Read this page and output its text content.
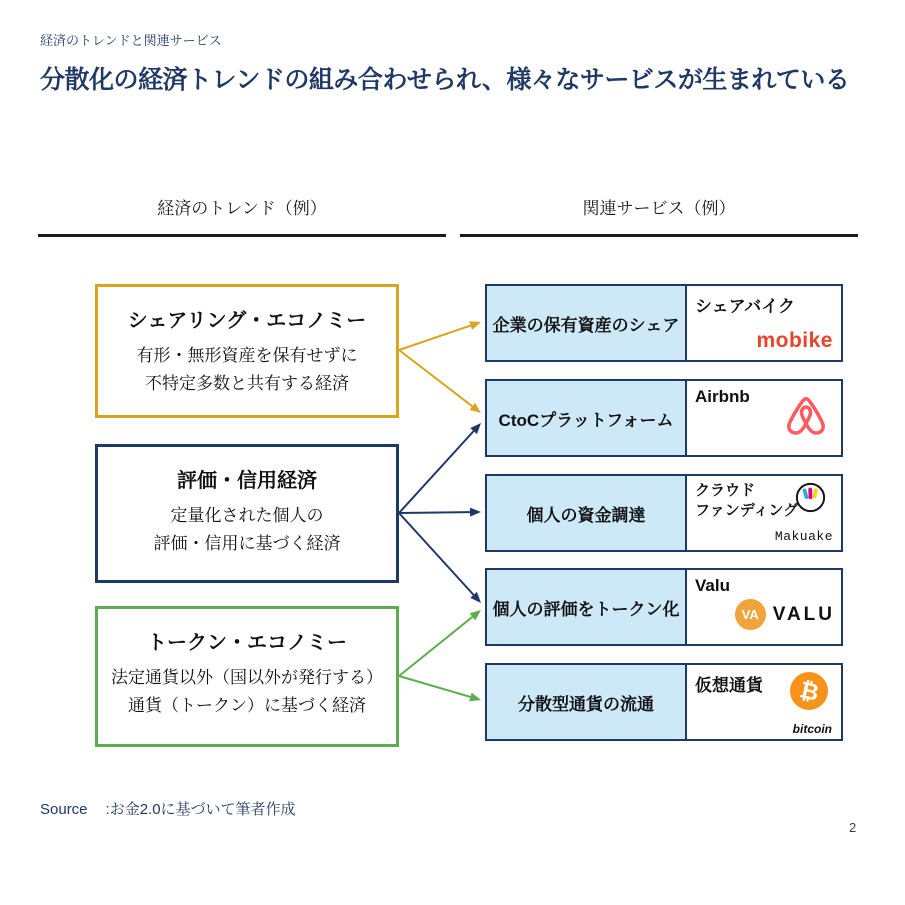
経済のトレンドと関連サービス
分散化の経済トレンドの組み合わせられ、様々なサービスが生まれている
経済のトレンド（例）	関連サービス（例）
シェアリング・エコノミー
有形・無形資産を保有せずに
不特定多数と共有する経済
評価・信用経済
定量化された個人の
評価・信用に基づく経済
トークン・エコノミー
法定通貨以外（国以外が発行する）
通貨（トークン）に基づく経済
企業の保有資産のシェア
シェアバイク
mobike
CtoCプラットフォーム
Airbnb
個人の資金調達
クラウド
ファンディング
Makuake
個人の評価をトークン化
Valu
VA VALU
分散型通貨の流通
仮想通貨 ₿
bitcoin
Source :お金2.0に基づいて筆者作成
2
